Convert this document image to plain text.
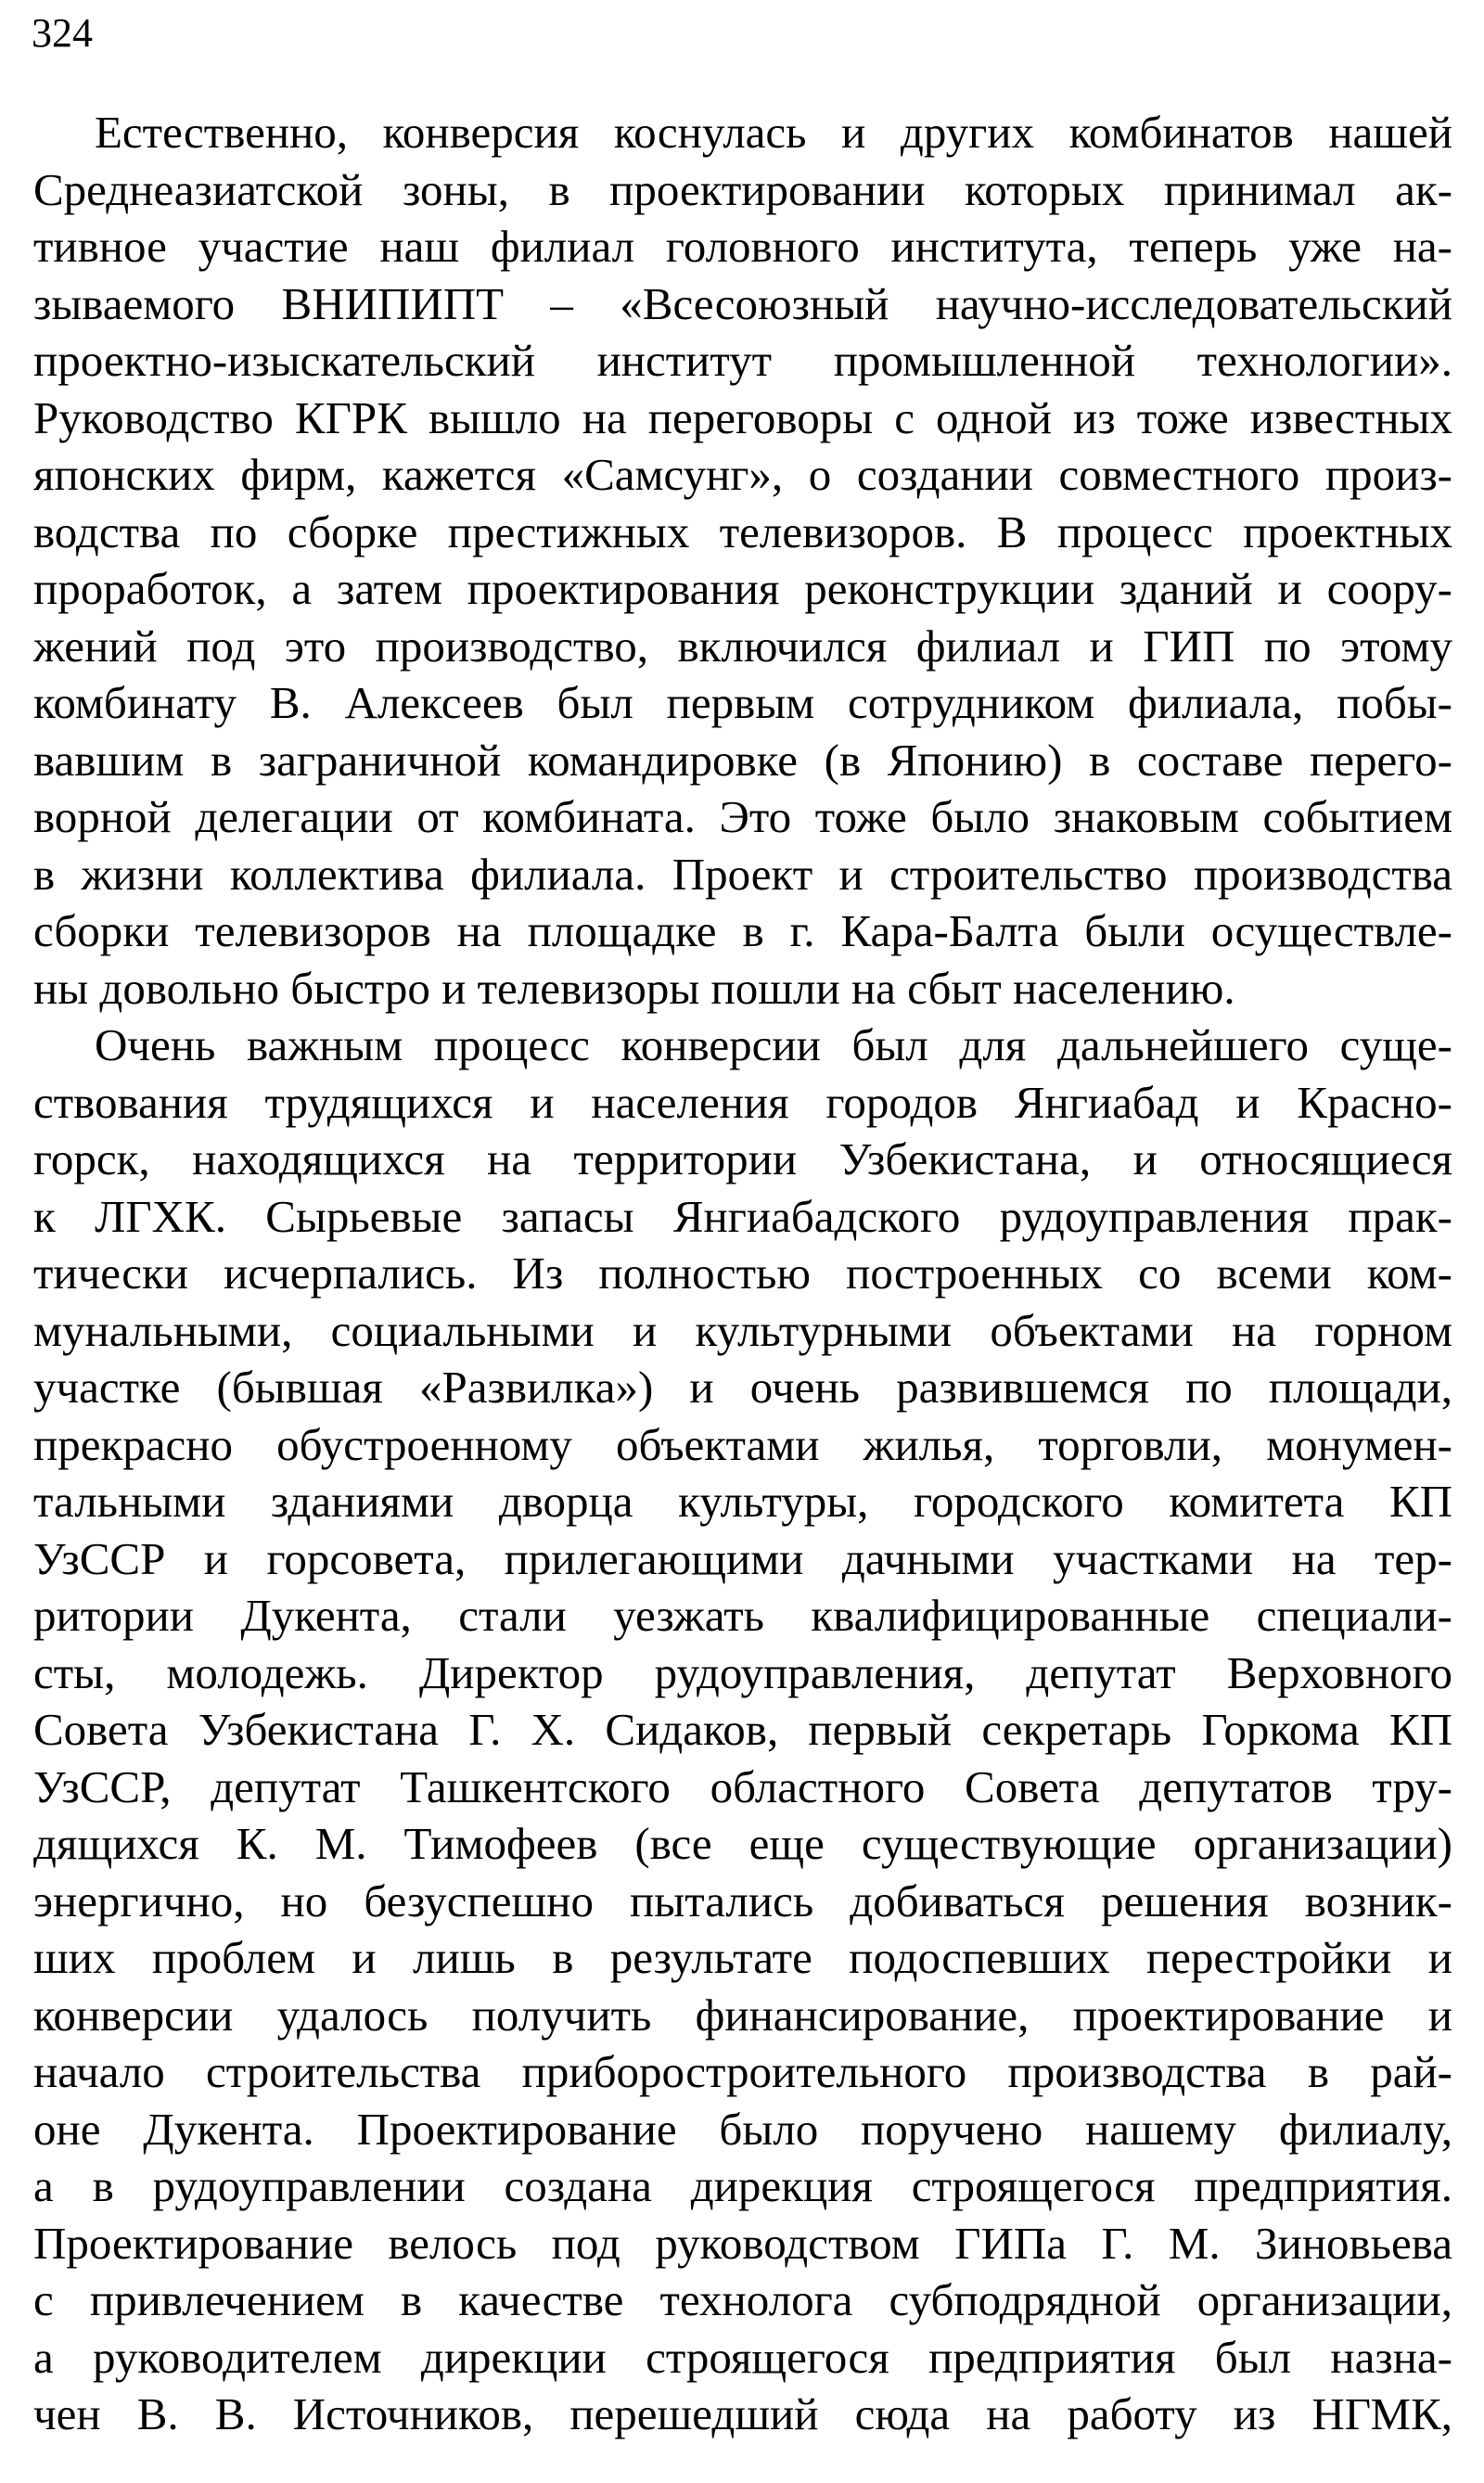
324
Естественно, конверсия коснулась и других комбинатов нашей
Среднеазиатской зоны, в проектировании которых принимал ак-
тивное участие наш филиал головного института, теперь уже на-
зываемого ВНИПИПТ – «Всесоюзный научно-исследовательский
проектно-изыскательский институт промышленной технологии».
Руководство КГРК вышло на переговоры с одной из тоже известных
японских фирм, кажется «Самсунг», о создании совместного произ-
водства по сборке престижных телевизоров. В процесс проектных
проработок, а затем проектирования реконструкции зданий и соору-
жений под это производство, включился филиал и ГИП по этому
комбинату В. Алексеев был первым сотрудником филиала, побы-
вавшим в заграничной командировке (в Японию) в составе перего-
ворной делегации от комбината. Это тоже было знаковым событием
в жизни коллектива филиала. Проект и строительство производства
сборки телевизоров на площадке в г. Кара-Балта были осуществле-
ны довольно быстро и телевизоры пошли на сбыт населению.
Очень важным процесс конверсии был для дальнейшего суще-
ствования трудящихся и населения городов Янгиабад и Красно-
горск, находящихся на территории Узбекистана, и относящиеся
к ЛГХК. Сырьевые запасы Янгиабадского рудоуправления прак-
тически исчерпались. Из полностью построенных со всеми ком-
мунальными, социальными и культурными объектами на горном
участке (бывшая «Развилка») и очень развившемся по площади,
прекрасно обустроенному объектами жилья, торговли, монумен-
тальными зданиями дворца культуры, городского комитета КП
УзССР и горсовета, прилегающими дачными участками на тер-
ритории Дукента, стали уезжать квалифицированные специали-
сты, молодежь. Директор рудоуправления, депутат Верховного
Совета Узбекистана Г. Х. Сидаков, первый секретарь Горкома КП
УзССР, депутат Ташкентского областного Совета депутатов тру-
дящихся К. М. Тимофеев (все еще существующие организации)
энергично, но безуспешно пытались добиваться решения возник-
ших проблем и лишь в результате подоспевших перестройки и
конверсии удалось получить финансирование, проектирование и
начало строительства приборостроительного производства в рай-
оне Дукента. Проектирование было поручено нашему филиалу,
а в рудоуправлении создана дирекция строящегося предприятия.
Проектирование велось под руководством ГИПа Г. М. Зиновьева
с привлечением в качестве технолога субподрядной организации,
а руководителем дирекции строящегося предприятия был назна-
чен В. В. Источников, перешедший сюда на работу из НГМК,
